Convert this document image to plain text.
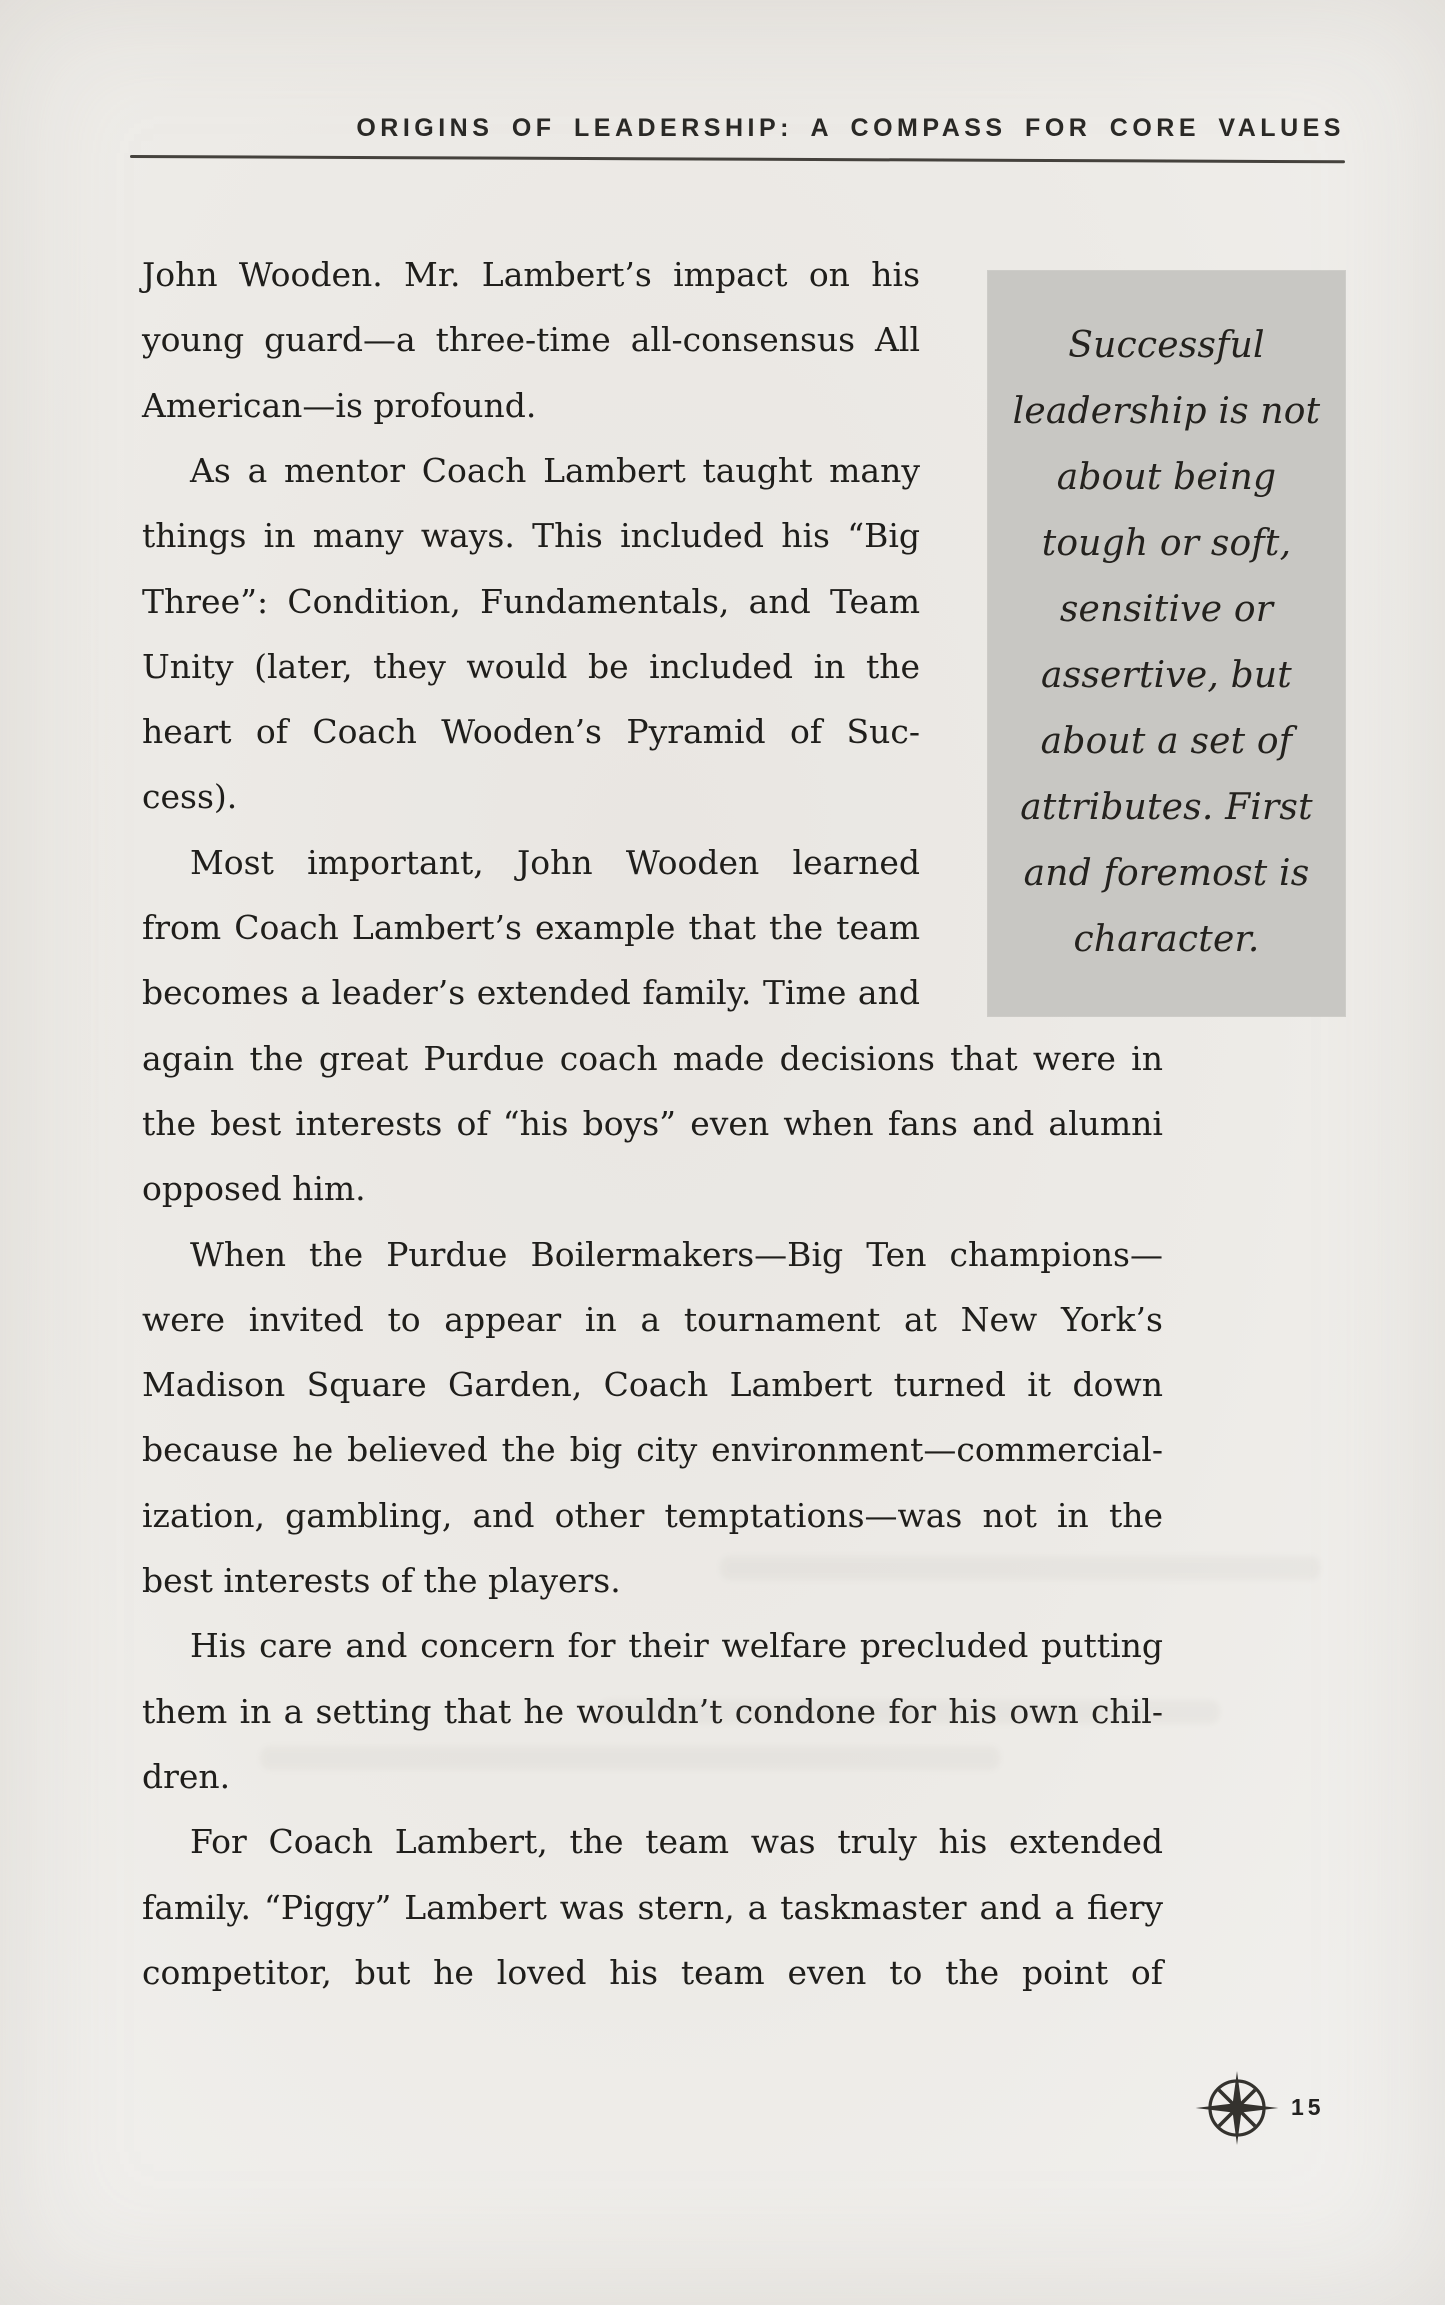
ORIGINS OF LEADERSHIP: A COMPASS FOR CORE VALUES
John Wooden. Mr. Lambert’s impact on his
young guard—a three-time all-consensus All
American—is profound.
As a mentor Coach Lambert taught many
things in many ways. This included his “Big
Three”: Condition, Fundamentals, and Team
Unity (later, they would be included in the
heart of Coach Wooden’s Pyramid of Suc-
cess).
Most important, John Wooden learned
from Coach Lambert’s example that the team
becomes a leader’s extended family. Time and
again the great Purdue coach made decisions that were in
the best interests of “his boys” even when fans and alumni
opposed him.
When the Purdue Boilermakers—Big Ten champions—
were invited to appear in a tournament at New York’s
Madison Square Garden, Coach Lambert turned it down
because he believed the big city environment—commercial-
ization, gambling, and other temptations—was not in the
best interests of the players.
His care and concern for their welfare precluded putting
them in a setting that he wouldn’t condone for his own chil-
dren.
For Coach Lambert, the team was truly his extended
family. “Piggy” Lambert was stern, a taskmaster and a fiery
competitor, but he loved his team even to the point of
Successful
leadership is not
about being
tough or soft,
sensitive or
assertive, but
about a set of
attributes. First
and foremost is
character.
15
